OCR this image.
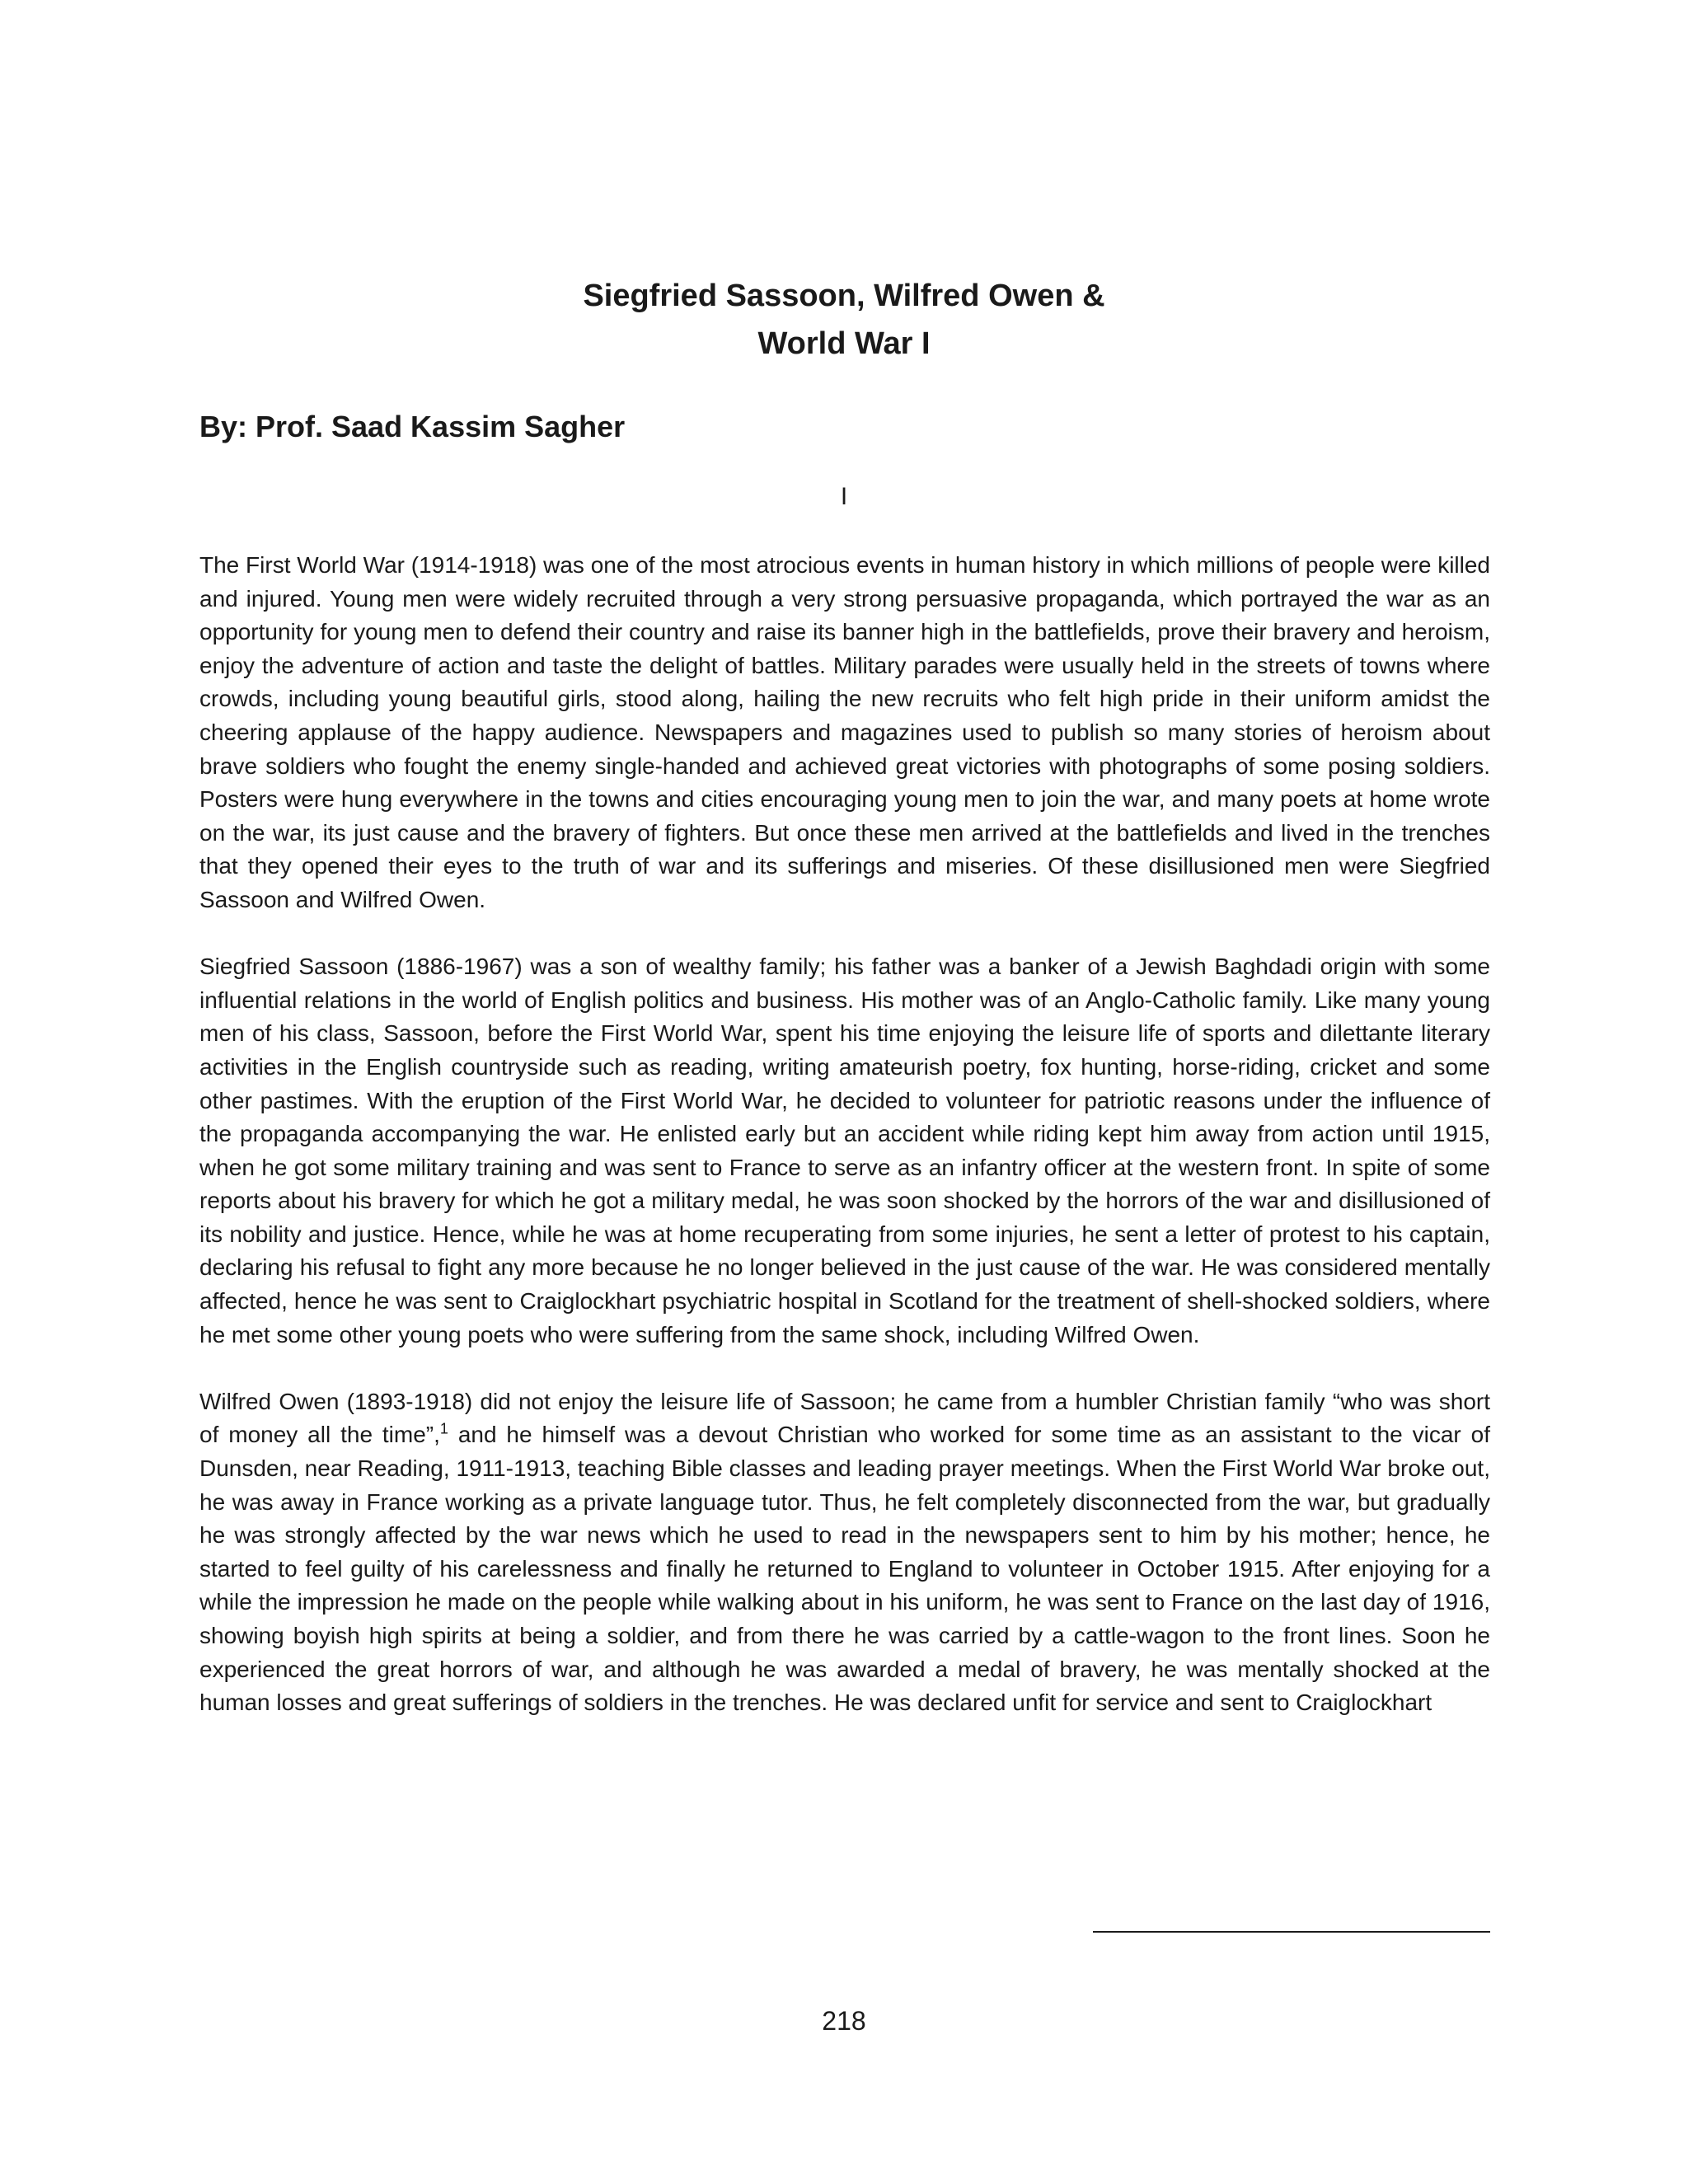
Siegfried Sassoon, Wilfred Owen &
World War I
By: Prof. Saad Kassim Sagher
I

The First World War (1914-1918) was one of the most atrocious events in human history in which millions of people were killed and injured. Young men were widely recruited through a very strong persuasive propaganda, which portrayed the war as an opportunity for young men to defend their country and raise its banner high in the battlefields, prove their bravery and heroism, enjoy the adventure of action and taste the delight of battles. Military parades were usually held in the streets of towns where crowds, including young beautiful girls, stood along, hailing the new recruits who felt high pride in their uniform amidst the cheering applause of the happy audience. Newspapers and magazines used to publish so many stories of heroism about brave soldiers who fought the enemy single-handed and achieved great victories with photographs of some posing soldiers. Posters were hung everywhere in the towns and cities encouraging young men to join the war, and many poets at home wrote on the war, its just cause and the bravery of fighters. But once these men arrived at the battlefields and lived in the trenches that they opened their eyes to the truth of war and its sufferings and miseries. Of these disillusioned men were Siegfried Sassoon and Wilfred Owen.

Siegfried Sassoon (1886-1967) was a son of wealthy family; his father was a banker of a Jewish Baghdadi origin with some influential relations in the world of English politics and business. His mother was of an Anglo-Catholic family. Like many young men of his class, Sassoon, before the First World War, spent his time enjoying the leisure life of sports and dilettante literary activities in the English countryside such as reading, writing amateurish poetry, fox hunting, horse-riding, cricket and some other pastimes. With the eruption of the First World War, he decided to volunteer for patriotic reasons under the influence of the propaganda accompanying the war. He enlisted early but an accident while riding kept him away from action until 1915, when he got some military training and was sent to France to serve as an infantry officer at the western front. In spite of some reports about his bravery for which he got a military medal, he was soon shocked by the horrors of the war and disillusioned of its nobility and justice. Hence, while he was at home recuperating from some injuries, he sent a letter of protest to his captain, declaring his refusal to fight any more because he no longer believed in the just cause of the war. He was considered mentally affected, hence he was sent to Craiglockhart psychiatric hospital in Scotland for the treatment of shell-shocked soldiers, where he met some other young poets who were suffering from the same shock, including Wilfred Owen.

Wilfred Owen (1893-1918) did not enjoy the leisure life of Sassoon; he came from a humbler Christian family “who was short of money all the time”,$^1$ and he himself was a devout Christian who worked for some time as an assistant to the vicar of Dunsden, near Reading, 1911-1913, teaching Bible classes and leading prayer meetings. When the First World War broke out, he was away in France working as a private language tutor. Thus, he felt completely disconnected from the war, but gradually he was strongly affected by the war news which he used to read in the newspapers sent to him by his mother; hence, he started to feel guilty of his carelessness and finally he returned to England to volunteer in October 1915. After enjoying for a while the impression he made on the people while walking about in his uniform, he was sent to France on the last day of 1916, showing boyish high spirits at being a soldier, and from there he was carried by a cattle-wagon to the front lines. Soon he experienced the great horrors of war, and although he was awarded a medal of bravery, he was mentally shocked at the human losses and great sufferings of soldiers in the trenches. He was declared unfit for service and sent to Craiglockhart

218
